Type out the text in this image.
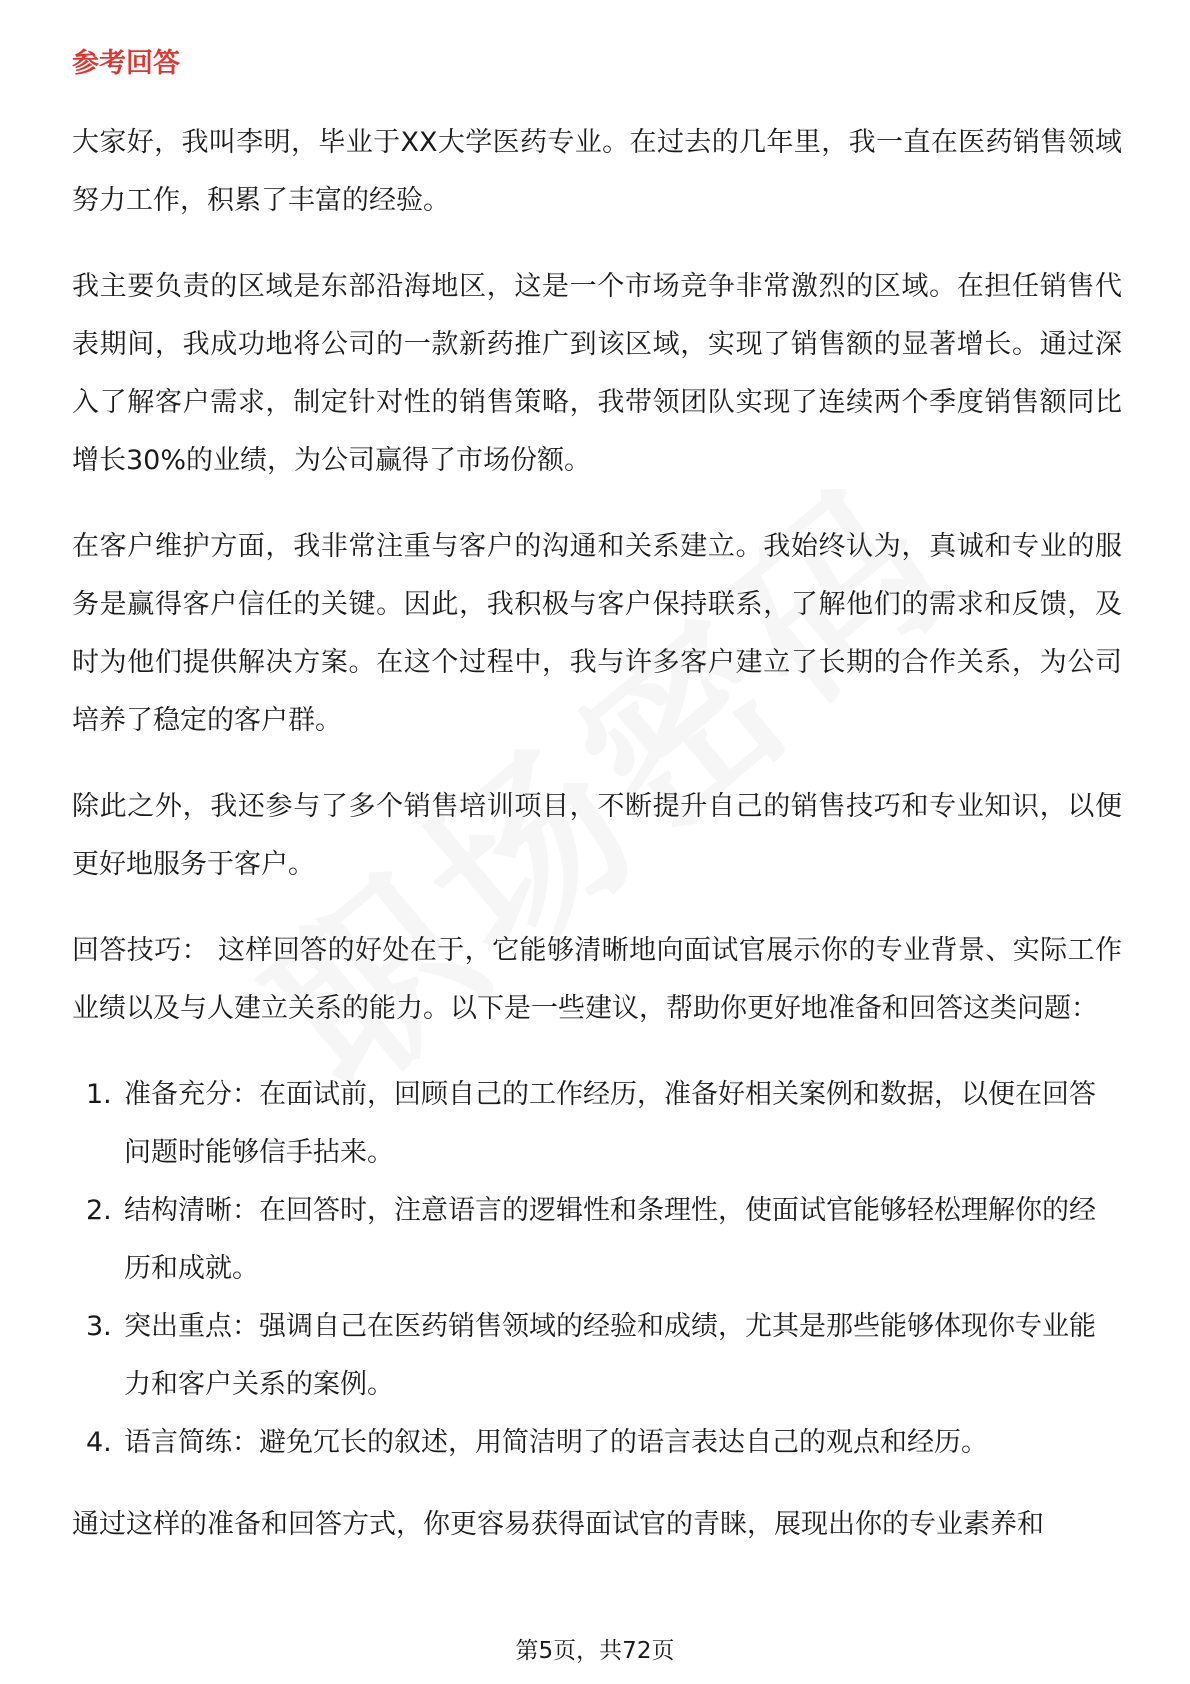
参考回答

大家好，我叫李明，毕业于XX大学医药专业。在过去的几年里，我一直在医药销售领域努力工作，积累了丰富的经验。

我主要负责的区域是东部沿海地区，这是一个市场竞争非常激烈的区域。在担任销售代表期间，我成功地将公司的一款新药推广到该区域，实现了销售额的显著增长。通过深入了解客户需求，制定针对性的销售策略，我带领团队实现了连续两个季度销售额同比增长30%的业绩，为公司赢得了市场份额。

在客户维护方面，我非常注重与客户的沟通和关系建立。我始终认为，真诚和专业的服务是赢得客户信任的关键。因此，我积极与客户保持联系，了解他们的需求和反馈，及时为他们提供解决方案。在这个过程中，我与许多客户建立了长期的合作关系，为公司培养了稳定的客户群。

除此之外，我还参与了多个销售培训项目，不断提升自己的销售技巧和专业知识，以便更好地服务于客户。

回答技巧： 这样回答的好处在于，它能够清晰地向面试官展示你的专业背景、实际工作业绩以及与人建立关系的能力。以下是一些建议，帮助你更好地准备和回答这类问题：

1. 准备充分：在面试前，回顾自己的工作经历，准备好相关案例和数据，以便在回答问题时能够信手拈来。
2. 结构清晰：在回答时，注意语言的逻辑性和条理性，使面试官能够轻松理解你的经历和成就。
3. 突出重点：强调自己在医药销售领域的经验和成绩，尤其是那些能够体现你专业能力和客户关系的案例。
4. 语言简练：避免冗长的叙述，用简洁明了的语言表达自己的观点和经历。

通过这样的准备和回答方式，你更容易获得面试官的青睐，展现出你的专业素养和

第5页，共72页
